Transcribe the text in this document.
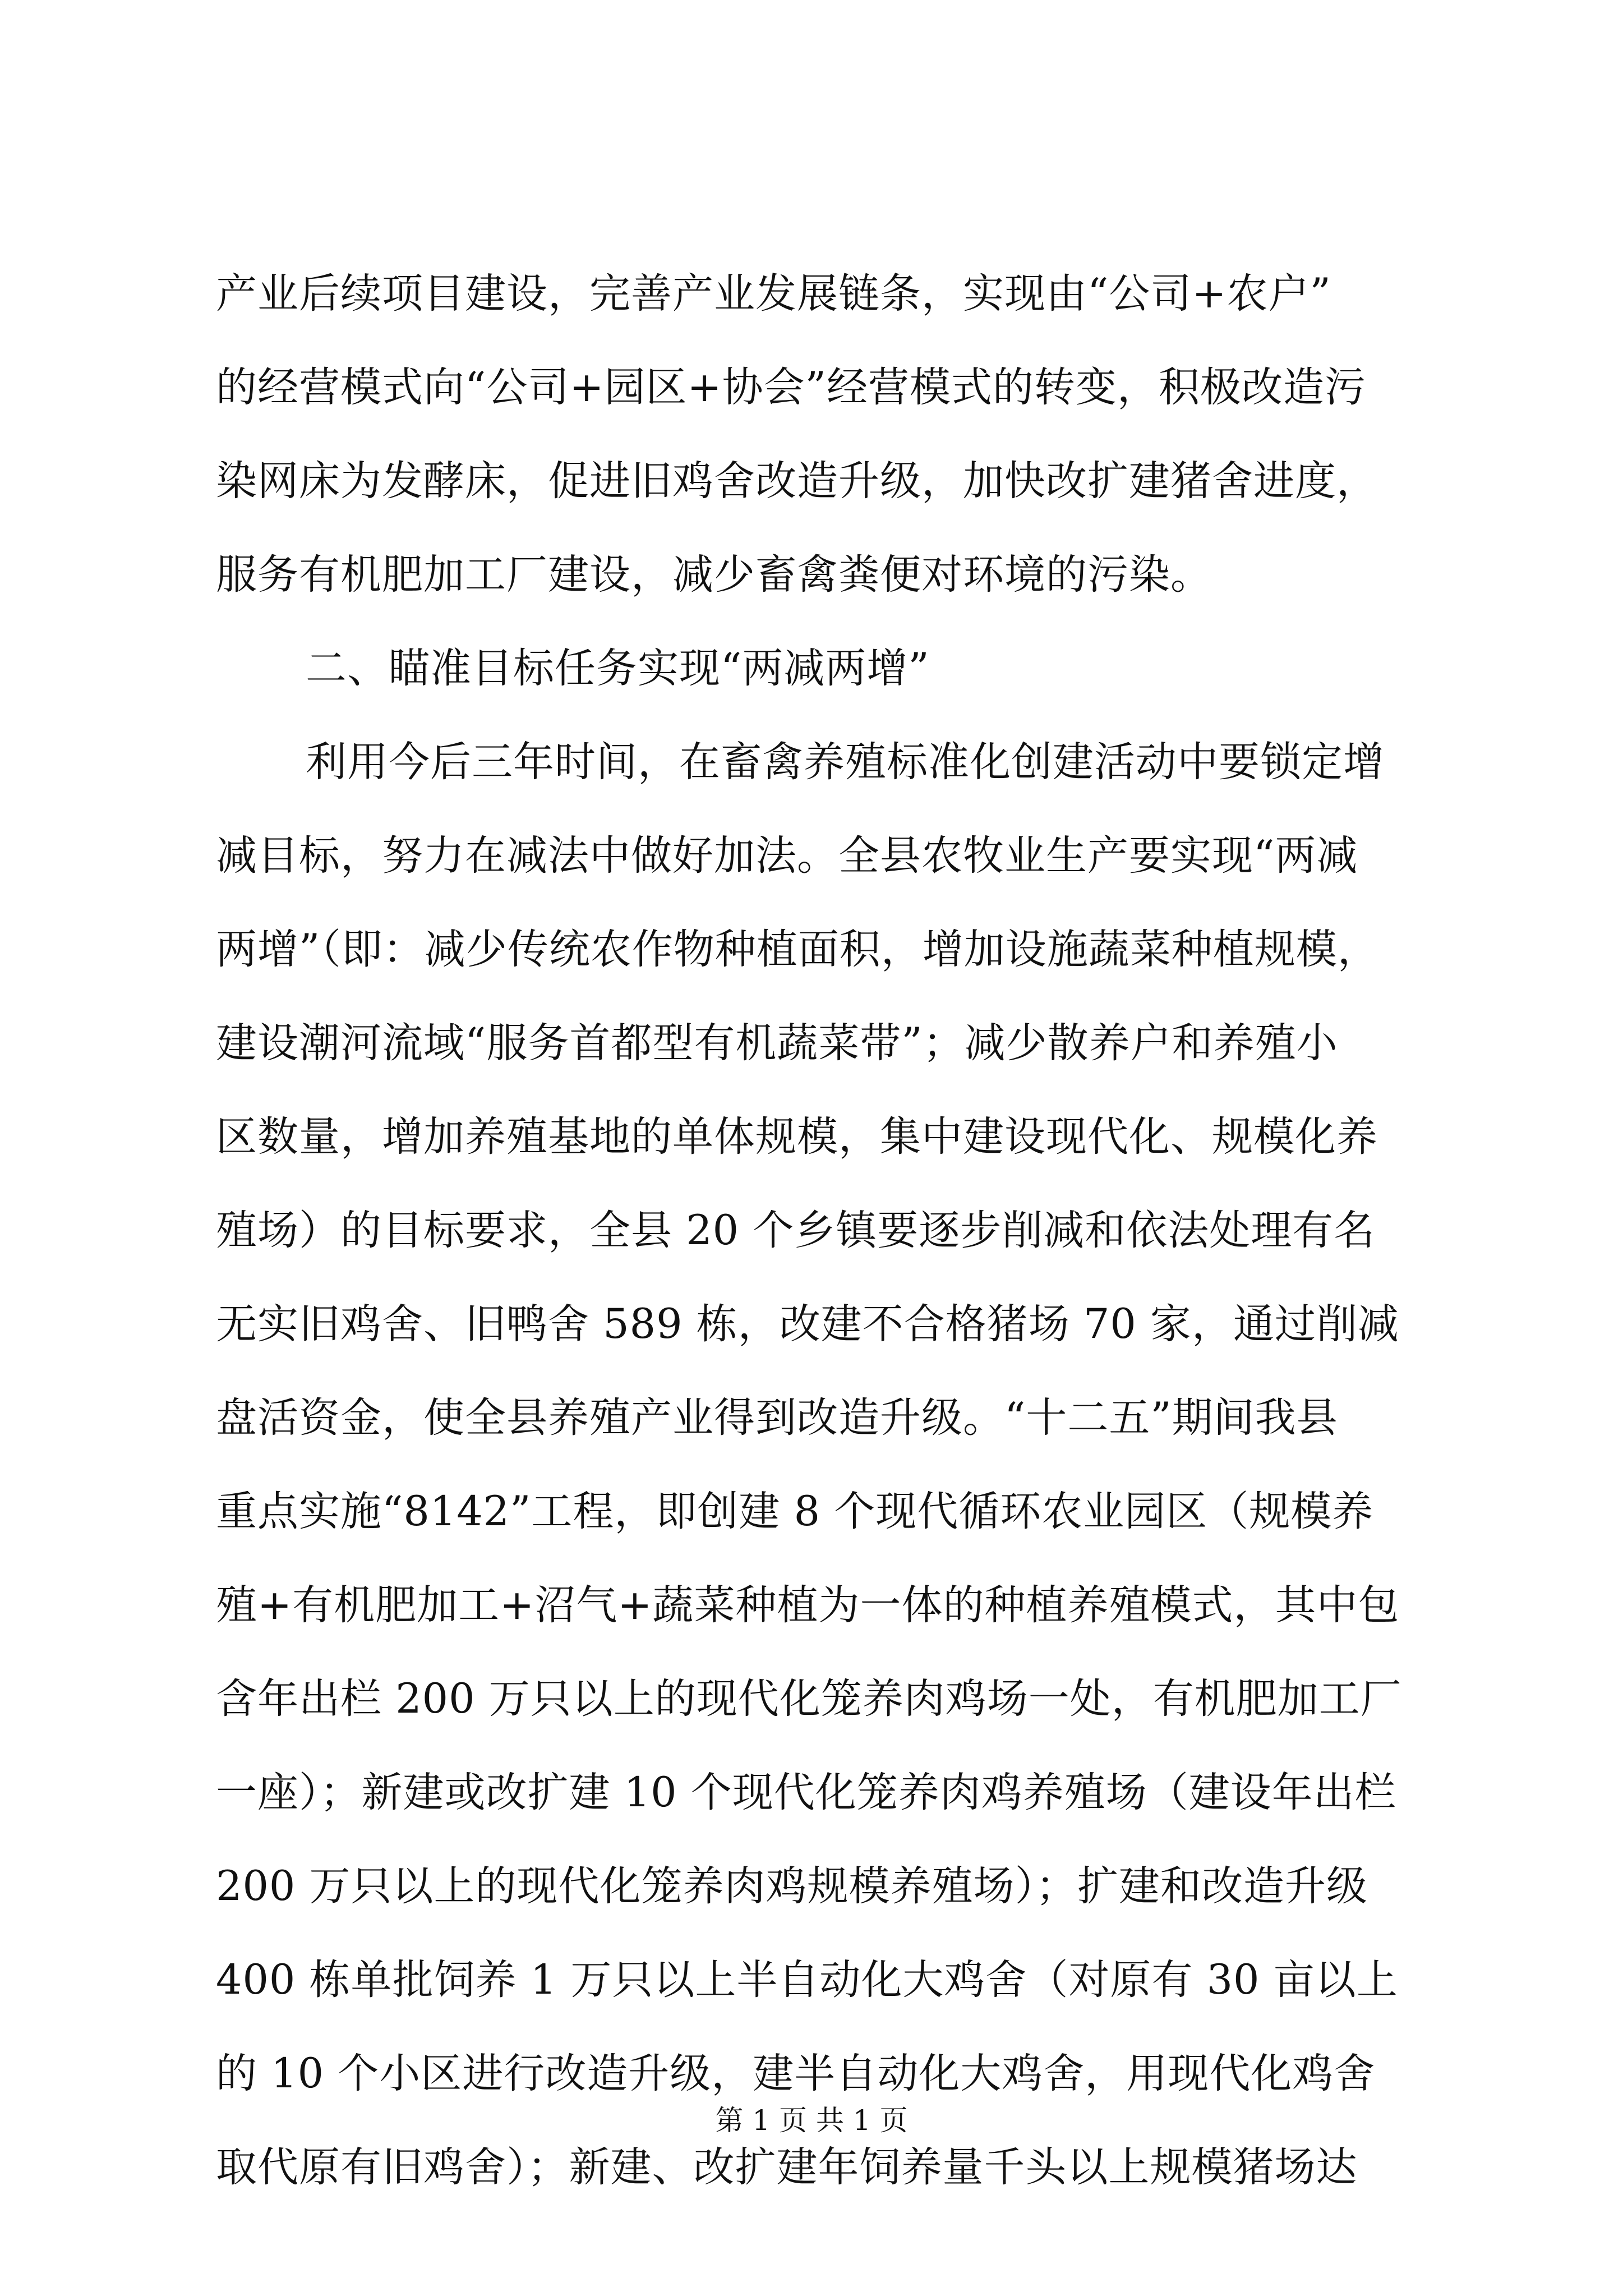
产业后续项目建设，完善产业发展链条，实现由“公司+农户”
的经营模式向“公司+园区+协会”经营模式的转变，积极改造污
染网床为发酵床，促进旧鸡舍改造升级，加快改扩建猪舍进度，
服务有机肥加工厂建设，减少畜禽粪便对环境的污染。
二、瞄准目标任务实现“两减两增”
利用今后三年时间，在畜禽养殖标准化创建活动中要锁定增
减目标，努力在减法中做好加法。全县农牧业生产要实现“两减
两增”（即：减少传统农作物种植面积，增加设施蔬菜种植规模，
建设潮河流域“服务首都型有机蔬菜带”；减少散养户和养殖小
区数量，增加养殖基地的单体规模，集中建设现代化、规模化养
殖场）的目标要求，全县 20 个乡镇要逐步削减和依法处理有名
无实旧鸡舍、旧鸭舍 589 栋，改建不合格猪场 70 家，通过削减
盘活资金，使全县养殖产业得到改造升级。“十二五”期间我县
重点实施“8142”工程，即创建 8 个现代循环农业园区（规模养
殖+有机肥加工+沼气+蔬菜种植为一体的种植养殖模式，其中包
含年出栏 200 万只以上的现代化笼养肉鸡场一处，有机肥加工厂
一座）；新建或改扩建 10 个现代化笼养肉鸡养殖场（建设年出栏
200 万只以上的现代化笼养肉鸡规模养殖场）；扩建和改造升级
400 栋单批饲养 1 万只以上半自动化大鸡舍（对原有 30 亩以上
的 10 个小区进行改造升级，建半自动化大鸡舍，用现代化鸡舍
取代原有旧鸡舍）；新建、改扩建年饲养量千头以上规模猪场达
第 1 页 共 1 页
